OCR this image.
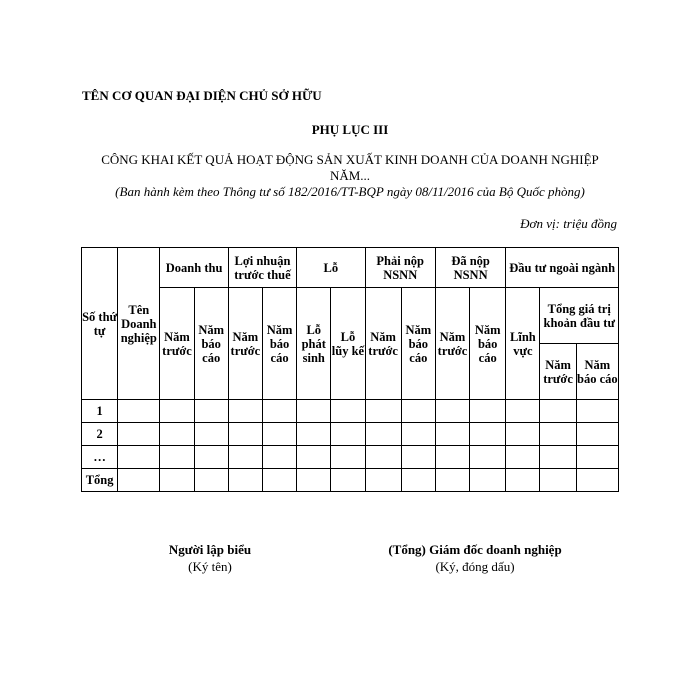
TÊN CƠ QUAN ĐẠI DIỆN CHỦ SỞ HỮU
PHỤ LỤC III
CÔNG KHAI KẾT QUẢ HOẠT ĐỘNG SẢN XUẤT KINH DOANH CỦA DOANH NGHIỆP
NĂM...
(Ban hành kèm theo Thông tư số 182/2016/TT-BQP ngày 08/11/2016 của Bộ Quốc phòng)
Đơn vị: triệu đồng
Số thứ tự	Tên Doanh nghiệp	Doanh thu		Lợi nhuận trước thuế		Lỗ		Phải nộp NSNN		Đã nộp NSNN		Đầu tư ngoài ngành		
		Năm trước	Năm báo cáo	Năm trước	Năm báo cáo	Lỗ phát sinh	Lỗ lũy kế	Năm trước	Năm báo cáo	Năm trước	Năm báo cáo	Lĩnh vực	Tổng giá trị khoản đầu tư	
													Năm trước	Năm báo cáo
1														
2														
…														
Tổng														
Người lập biểu
(Ký tên)
(Tổng) Giám đốc doanh nghiệp
(Ký, đóng dấu)
